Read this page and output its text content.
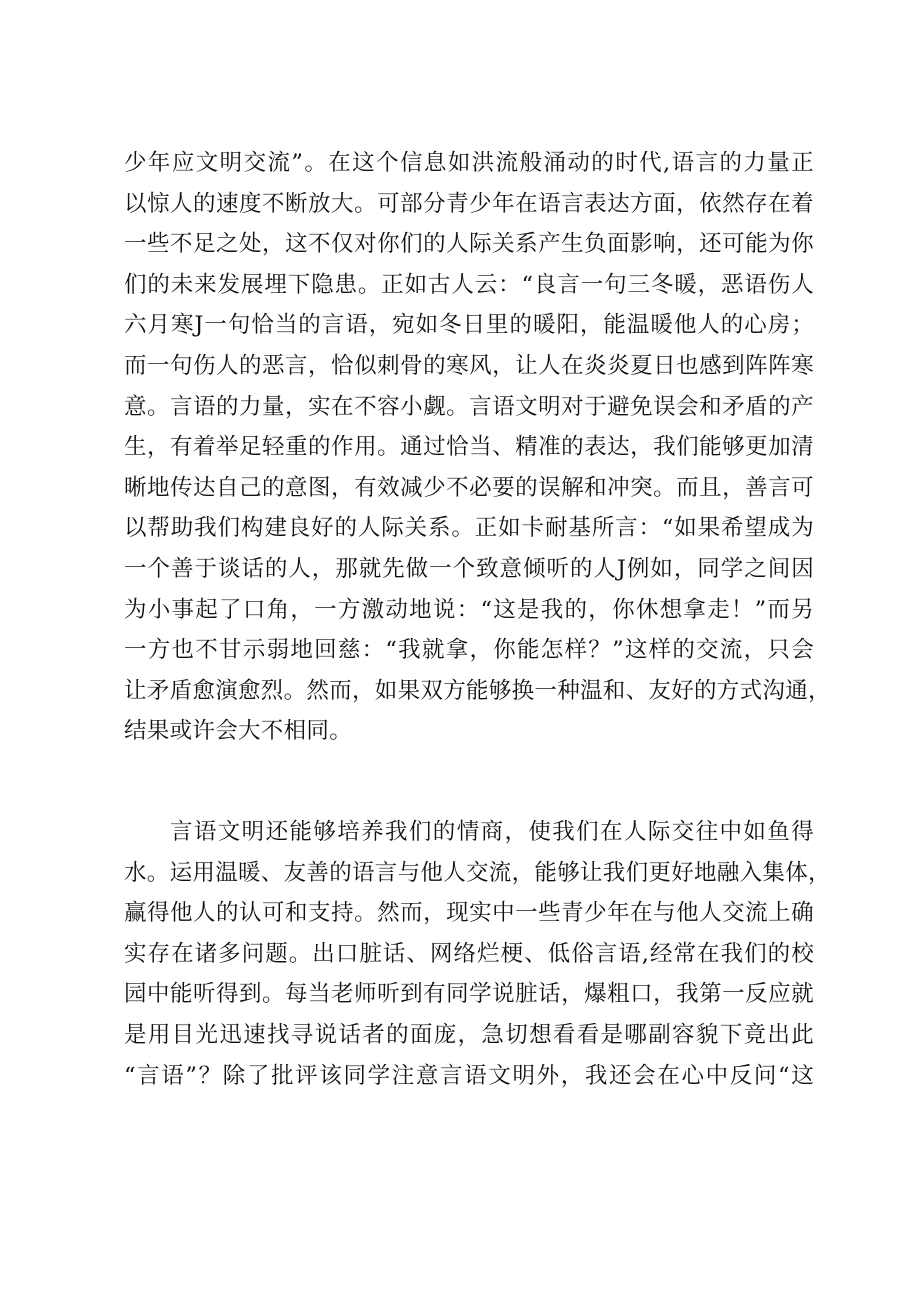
少年应文明交流”。在这个信息如洪流般涌动的时代,语言的力量正
以惊人的速度不断放大。可部分青少年在语言表达方面，依然存在着
一些不足之处，这不仅对你们的人际关系产生负面影响，还可能为你
们的未来发展埋下隐患。正如古人云：“良言一句三冬暖，恶语伤人
六月寒J一句恰当的言语，宛如冬日里的暖阳，能温暖他人的心房；
而一句伤人的恶言，恰似刺骨的寒风，让人在炎炎夏日也感到阵阵寒
意。言语的力量，实在不容小觑。言语文明对于避免误会和矛盾的产
生，有着举足轻重的作用。通过恰当、精准的表达，我们能够更加清
晰地传达自己的意图，有效减少不必要的误解和冲突。而且，善言可
以帮助我们构建良好的人际关系。正如卡耐基所言：“如果希望成为
一个善于谈话的人，那就先做一个致意倾听的人J例如，同学之间因
为小事起了口角，一方激动地说：“这是我的，你休想拿走！”而另
一方也不甘示弱地回慈：“我就拿，你能怎样？”这样的交流，只会
让矛盾愈演愈烈。然而，如果双方能够换一种温和、友好的方式沟通，
结果或许会大不相同。
言语文明还能够培养我们的情商，使我们在人际交往中如鱼得
水。运用温暖、友善的语言与他人交流，能够让我们更好地融入集体，
赢得他人的认可和支持。然而，现实中一些青少年在与他人交流上确
实存在诸多问题。出口脏话、网络烂梗、低俗言语,经常在我们的校
园中能听得到。每当老师听到有同学说脏话，爆粗口，我第一反应就
是用目光迅速找寻说话者的面庞，急切想看看是哪副容貌下竟出此
“言语”？除了批评该同学注意言语文明外，我还会在心中反问“这
